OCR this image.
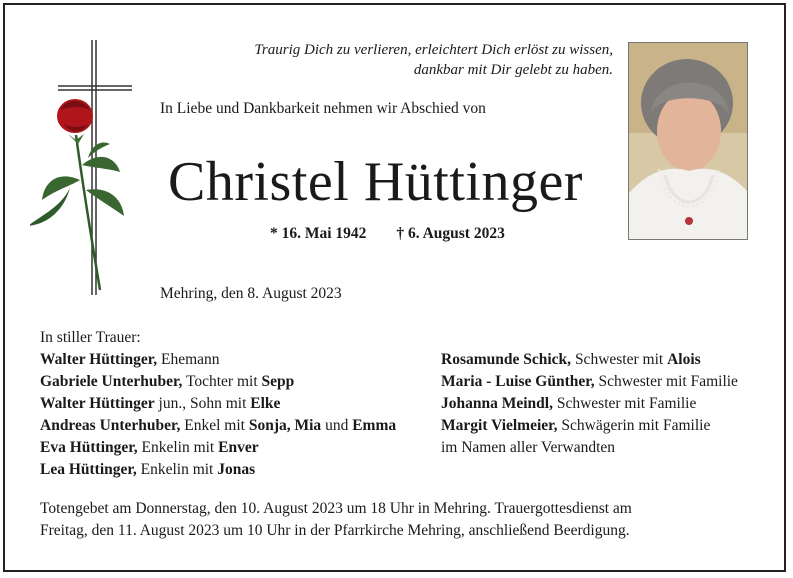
Traurig Dich zu verlieren, erleichtert Dich erlöst zu wissen,
dankbar mit Dir gelebt zu haben.
In Liebe und Dankbarkeit nehmen wir Abschied von
Christel Hüttinger
* 16. Mai 1942 † 6. August 2023
Mehring, den 8. August 2023
In stiller Trauer:
Walter Hüttinger, Ehemann
Gabriele Unterhuber, Tochter mit Sepp
Walter Hüttinger jun., Sohn mit Elke
Andreas Unterhuber, Enkel mit Sonja, Mia und Emma
Eva Hüttinger, Enkelin mit Enver
Lea Hüttinger, Enkelin mit Jonas
Rosamunde Schick, Schwester mit Alois
Maria - Luise Günther, Schwester mit Familie
Johanna Meindl, Schwester mit Familie
Margit Vielmeier, Schwägerin mit Familie
im Namen aller Verwandten
Totengebet am Donnerstag, den 10. August 2023 um 18 Uhr in Mehring. Trauergottesdienst am
Freitag, den 11. August 2023 um 10 Uhr in der Pfarrkirche Mehring, anschließend Beerdigung.
